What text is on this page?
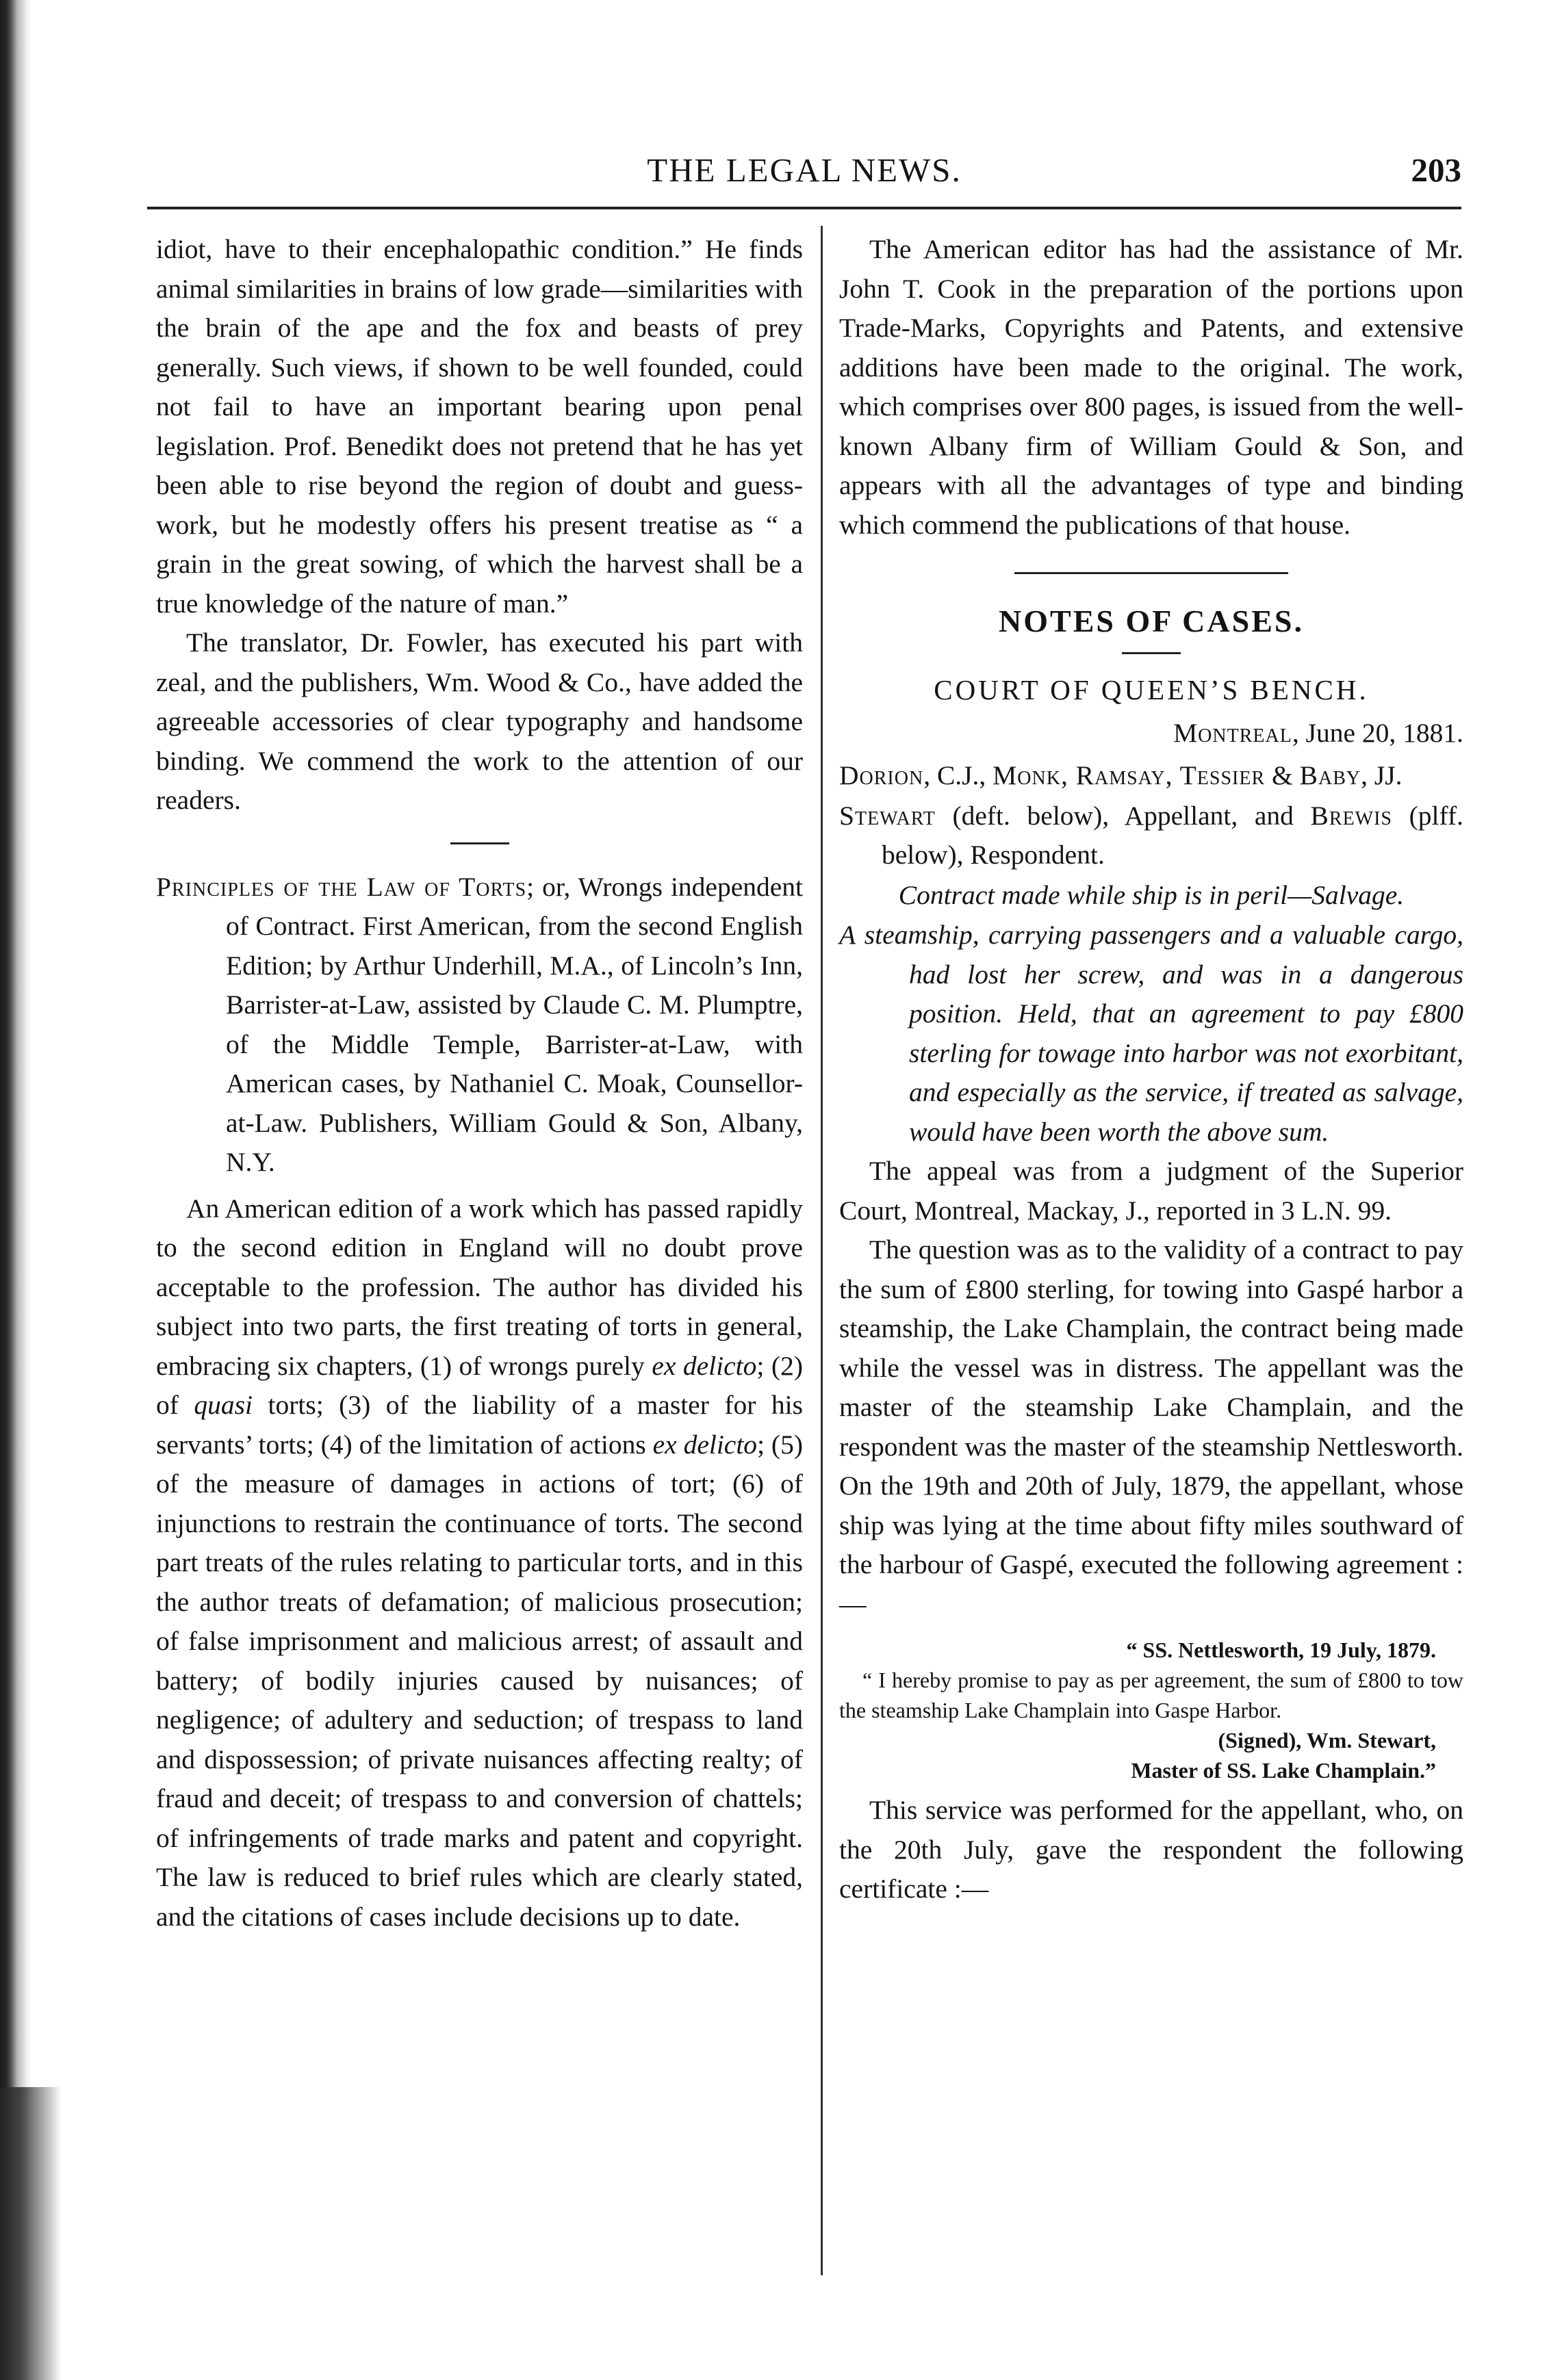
THE LEGAL NEWS.	203

idiot, have to their encephalopathic condition.” He finds animal similarities in brains of low grade—similarities with the brain of the ape and the fox and beasts of prey generally. Such views, if shown to be well founded, could not fail to have an important bearing upon penal legislation. Prof. Benedikt does not pretend that he has yet been able to rise beyond the region of doubt and guess-work, but he modestly offers his present treatise as “ a grain in the great sowing, of which the harvest shall be a true knowledge of the nature of man.”

The translator, Dr. Fowler, has executed his part with zeal, and the publishers, Wm. Wood & Co., have added the agreeable accessories of clear typography and handsome binding. We commend the work to the attention of our readers.

Principles of the Law of Torts; or, Wrongs independent of Contract. First American, from the second English Edition; by Arthur Underhill, M.A., of Lincoln’s Inn, Barrister-at-Law, assisted by Claude C. M. Plumptre, of the Middle Temple, Barrister-at-Law, with American cases, by Nathaniel C. Moak, Counsellor-at-Law. Publishers, William Gould & Son, Albany, N.Y.

An American edition of a work which has passed rapidly to the second edition in England will no doubt prove acceptable to the profession. The author has divided his subject into two parts, the first treating of torts in general, embracing six chapters, (1) of wrongs purely ex delicto; (2) of quasi torts; (3) of the liability of a master for his servants’ torts; (4) of the limitation of actions ex delicto; (5) of the measure of damages in actions of tort; (6) of injunctions to restrain the continuance of torts. The second part treats of the rules relating to particular torts, and in this the author treats of defamation; of malicious prosecution; of false imprisonment and malicious arrest; of assault and battery; of bodily injuries caused by nuisances; of negligence; of adultery and seduction; of trespass to land and dispossession; of private nuisances affecting realty; of fraud and deceit; of trespass to and conversion of chattels; of infringements of trade marks and patent and copyright. The law is reduced to brief rules which are clearly stated, and the citations of cases include decisions up to date.

The American editor has had the assistance of Mr. John T. Cook in the preparation of the portions upon Trade-Marks, Copyrights and Patents, and extensive additions have been made to the original. The work, which comprises over 800 pages, is issued from the well-known Albany firm of William Gould & Son, and appears with all the advantages of type and binding which commend the publications of that house.

NOTES OF CASES.

COURT OF QUEEN’S BENCH.

Montreal, June 20, 1881.

Dorion, C.J., Monk, Ramsay, Tessier & Baby, JJ.

Stewart (deft. below), Appellant, and Brewis (plff. below), Respondent.

Contract made while ship is in peril—Salvage.

A steamship, carrying passengers and a valuable cargo, had lost her screw, and was in a dangerous position. Held, that an agreement to pay £800 sterling for towage into harbor was not exorbitant, and especially as the service, if treated as salvage, would have been worth the above sum.

The appeal was from a judgment of the Superior Court, Montreal, Mackay, J., reported in 3 L.N. 99.

The question was as to the validity of a contract to pay the sum of £800 sterling, for towing into Gaspé harbor a steamship, the Lake Champlain, the contract being made while the vessel was in distress. The appellant was the master of the steamship Lake Champlain, and the respondent was the master of the steamship Nettlesworth. On the 19th and 20th of July, 1879, the appellant, whose ship was lying at the time about fifty miles southward of the harbour of Gaspé, executed the following agreement :—

“ SS. Nettlesworth, 19 July, 1879.

“ I hereby promise to pay as per agreement, the sum of £800 to tow the steamship Lake Champlain into Gaspe Harbor.

(Signed), Wm. Stewart,

Master of SS. Lake Champlain.”

This service was performed for the appellant, who, on the 20th July, gave the respondent the following certificate :—
